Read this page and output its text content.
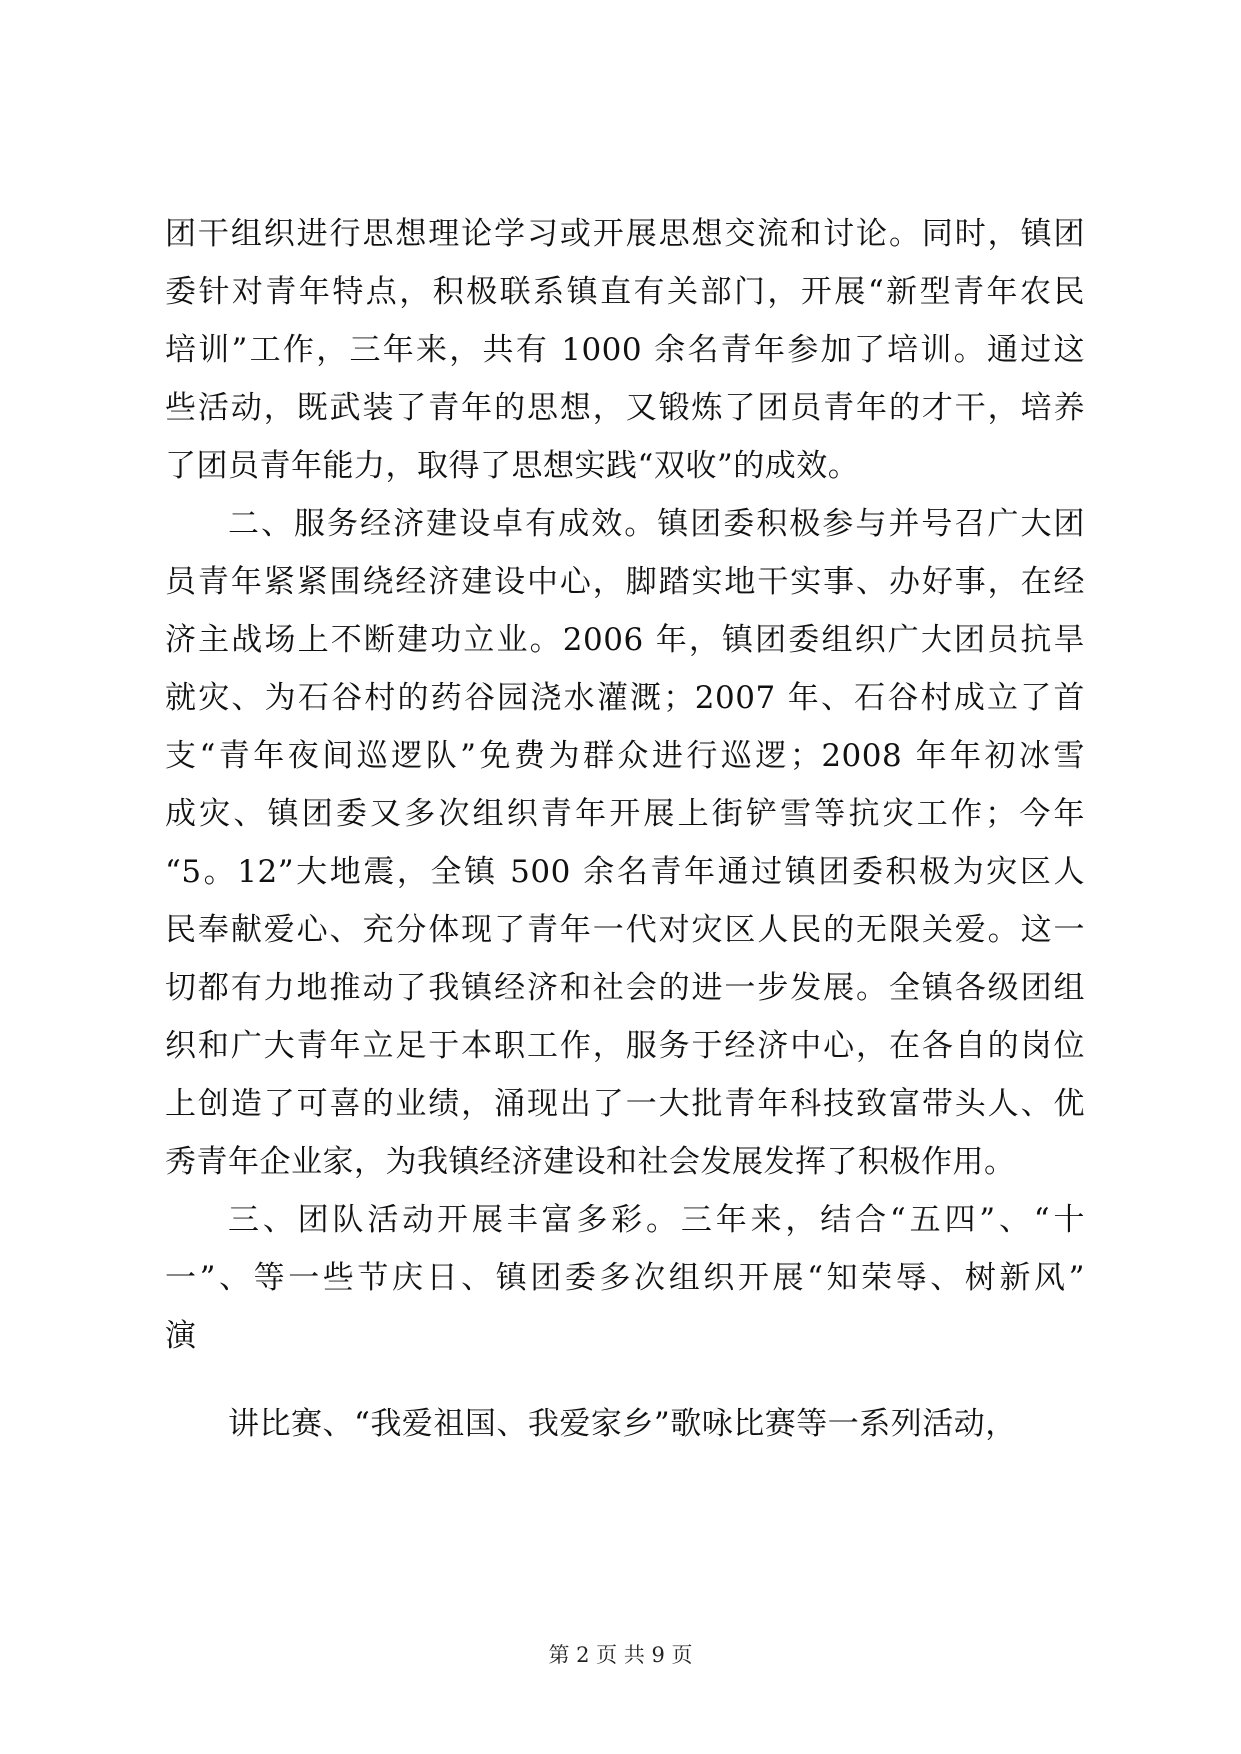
团干组织进行思想理论学习或开展思想交流和讨论。同时，镇团
委针对青年特点，积极联系镇直有关部门，开展“新型青年农民
培训”工作，三年来，共有 1000 余名青年参加了培训。通过这
些活动，既武装了青年的思想，又锻炼了团员青年的才干，培养
了团员青年能力，取得了思想实践“双收”的成效。
二、服务经济建设卓有成效。镇团委积极参与并号召广大团
员青年紧紧围绕经济建设中心，脚踏实地干实事、办好事，在经
济主战场上不断建功立业。2006 年，镇团委组织广大团员抗旱
就灾、为石谷村的药谷园浇水灌溉；2007 年、石谷村成立了首
支“青年夜间巡逻队”免费为群众进行巡逻；2008 年年初冰雪
成灾、镇团委又多次组织青年开展上街铲雪等抗灾工作；今年
“5。12”大地震，全镇 500 余名青年通过镇团委积极为灾区人
民奉献爱心、充分体现了青年一代对灾区人民的无限关爱。这一
切都有力地推动了我镇经济和社会的进一步发展。全镇各级团组
织和广大青年立足于本职工作，服务于经济中心，在各自的岗位
上创造了可喜的业绩，涌现出了一大批青年科技致富带头人、优
秀青年企业家，为我镇经济建设和社会发展发挥了积极作用。
三、团队活动开展丰富多彩。三年来，结合“五四”、“十
一”、等一些节庆日、镇团委多次组织开展“知荣辱、树新风”
演
讲比赛、“我爱祖国、我爱家乡”歌咏比赛等一系列活动，
第 2 页 共 9 页
